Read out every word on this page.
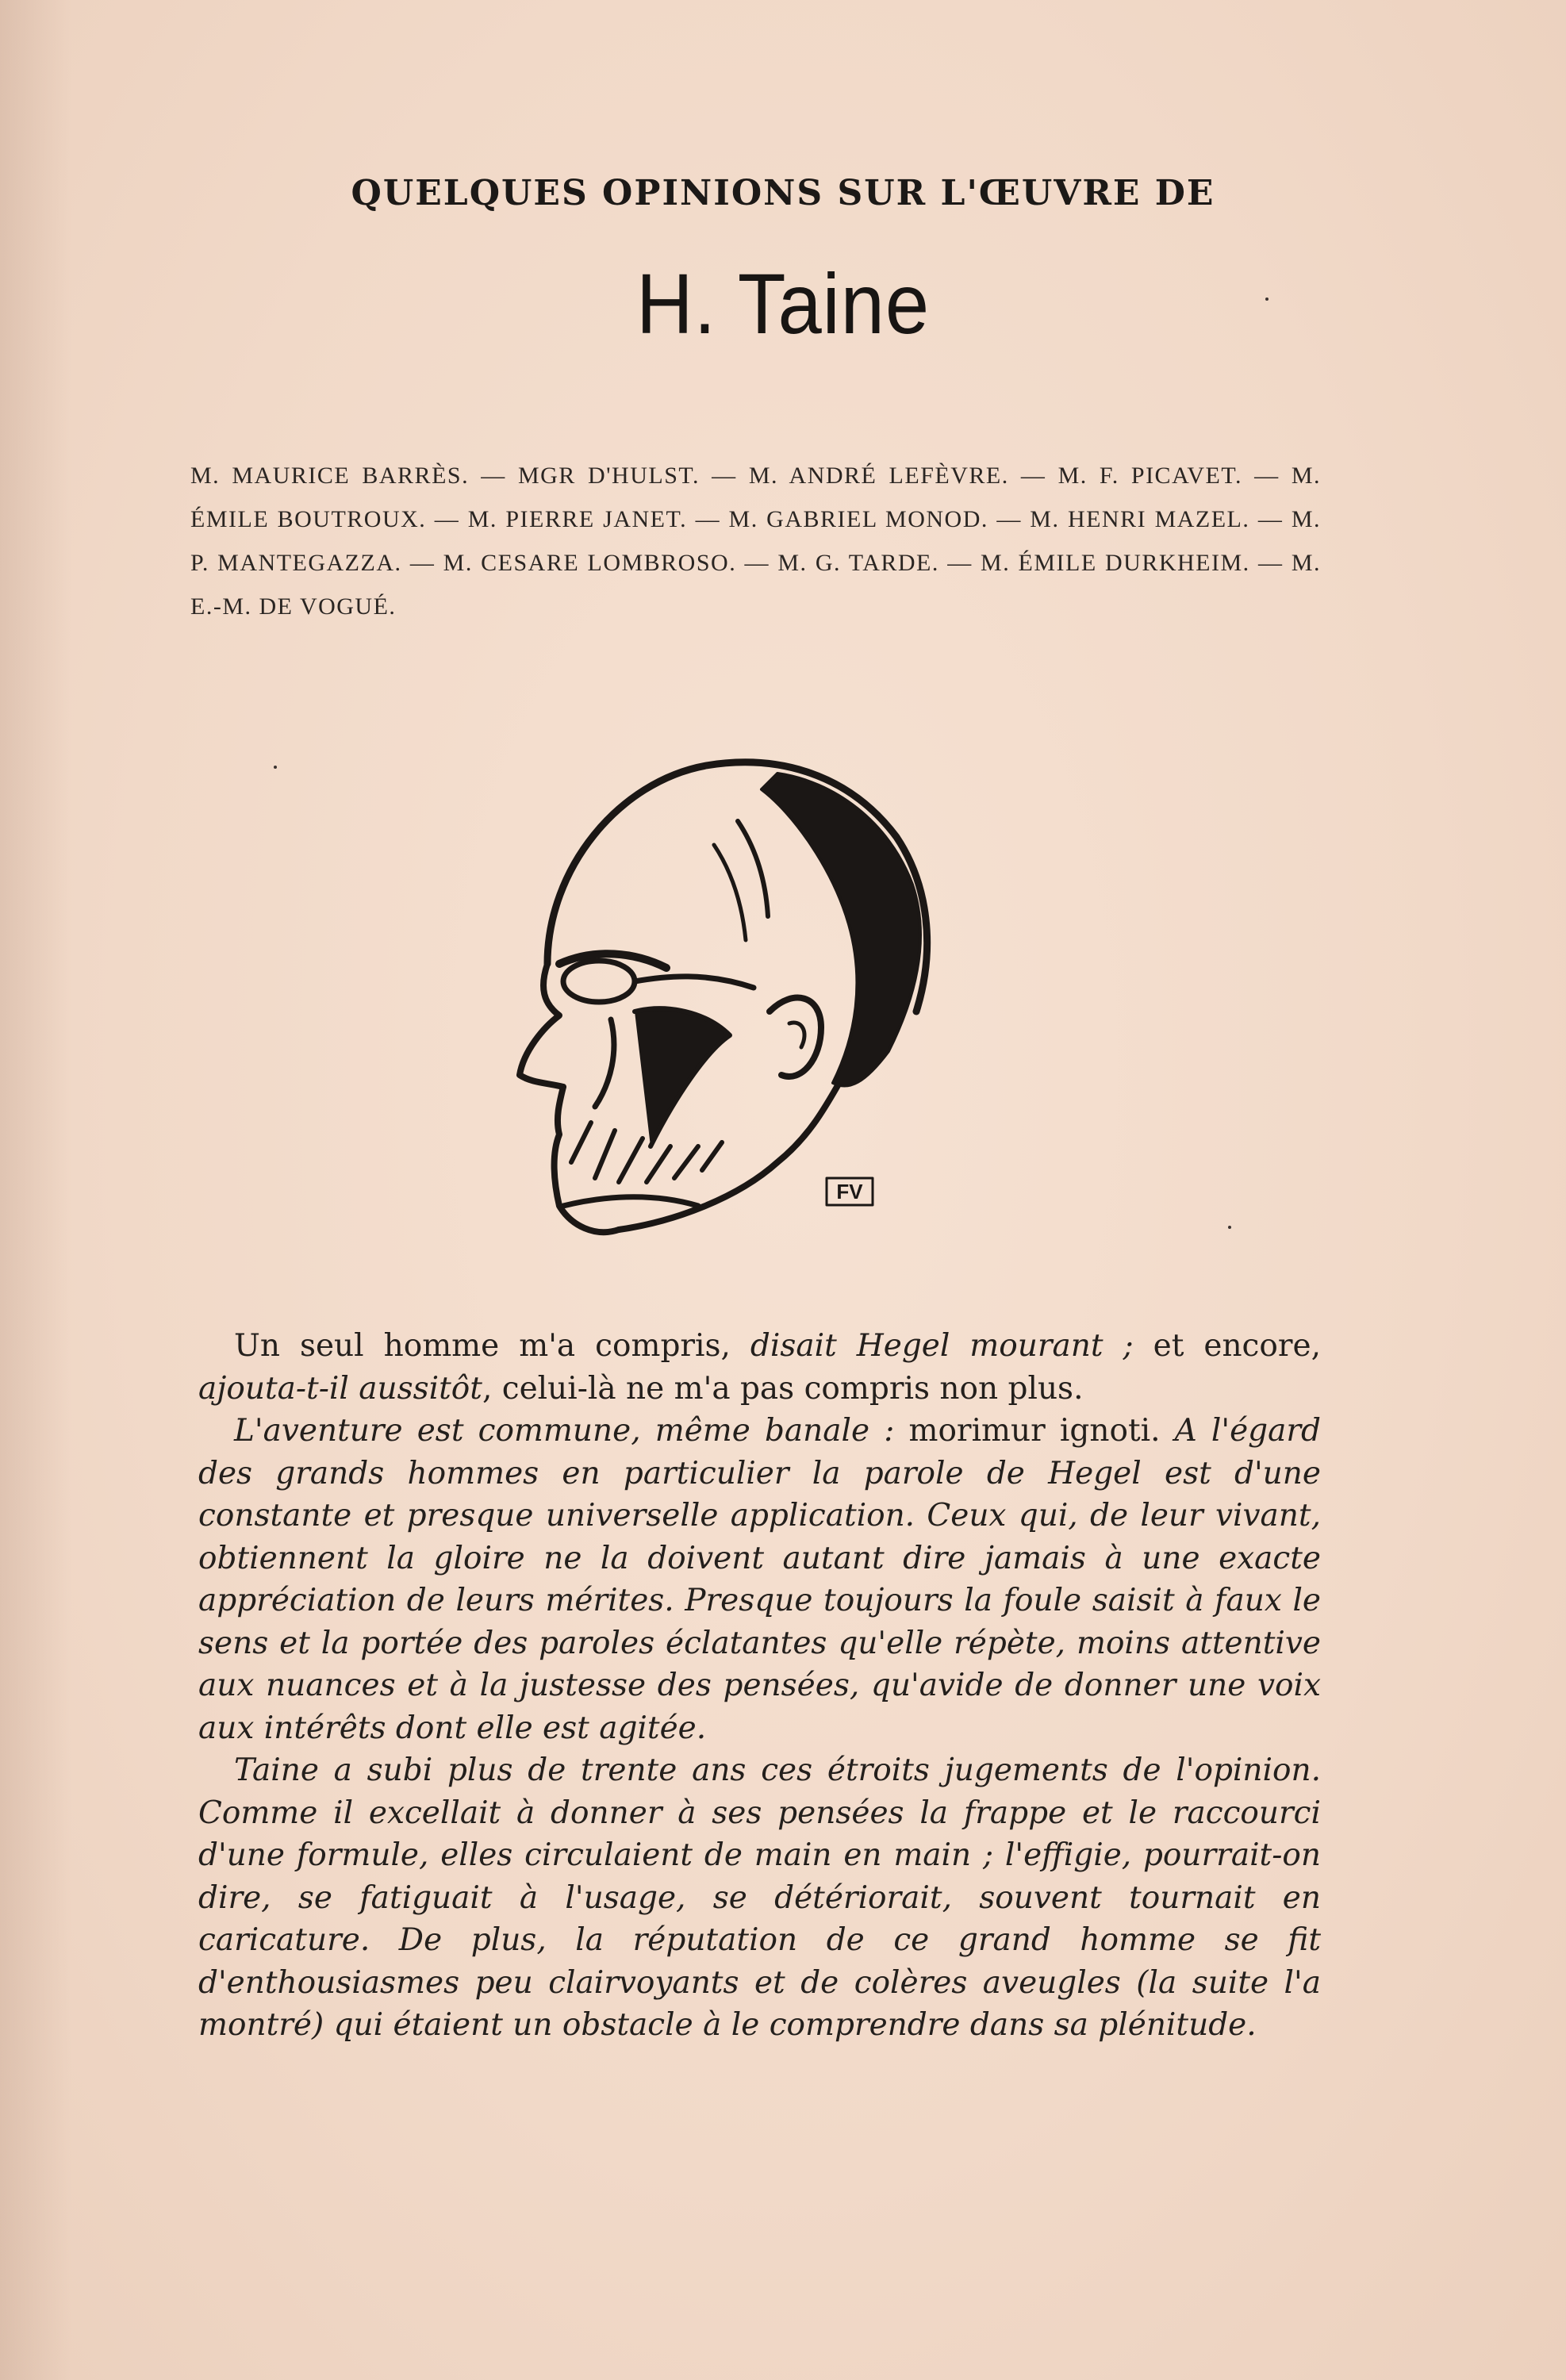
QUELQUES OPINIONS SUR L'ŒUVRE DE
H. Taine
M. MAURICE BARRÈS. — MGR D'HULST. — M. ANDRÉ LEFÈVRE. — M. F. PICAVET. — M. ÉMILE BOUTROUX. — M. PIERRE JANET. — M. GABRIEL MONOD. — M. HENRI MAZEL. — M. P. MANTEGAZZA. — M. CESARE LOMBROSO. — M. G. TARDE. — M. ÉMILE DURKHEIM. — M. E.-M. DE VOGUÉ.
FV

Un seul homme m'a compris, disait Hegel mourant ; et encore, ajouta-t-il aussitôt, celui-là ne m'a pas compris non plus.

L'aventure est commune, même banale : morimur ignoti. A l'égard des grands hommes en particulier la parole de Hegel est d'une constante et presque universelle application. Ceux qui, de leur vivant, obtiennent la gloire ne la doivent autant dire jamais à une exacte appréciation de leurs mérites. Presque toujours la foule saisit à faux le sens et la portée des paroles éclatantes qu'elle répète, moins attentive aux nuances et à la justesse des pensées, qu'avide de donner une voix aux intérêts dont elle est agitée.

Taine a subi plus de trente ans ces étroits jugements de l'opinion. Comme il excellait à donner à ses pensées la frappe et le raccourci d'une formule, elles circulaient de main en main ; l'effigie, pourrait-on dire, se fatiguait à l'usage, se détériorait, souvent tournait en caricature. De plus, la réputation de ce grand homme se fit d'enthousiasmes peu clairvoyants et de colères aveugles (la suite l'a montré) qui étaient un obstacle à le comprendre dans sa plénitude.
